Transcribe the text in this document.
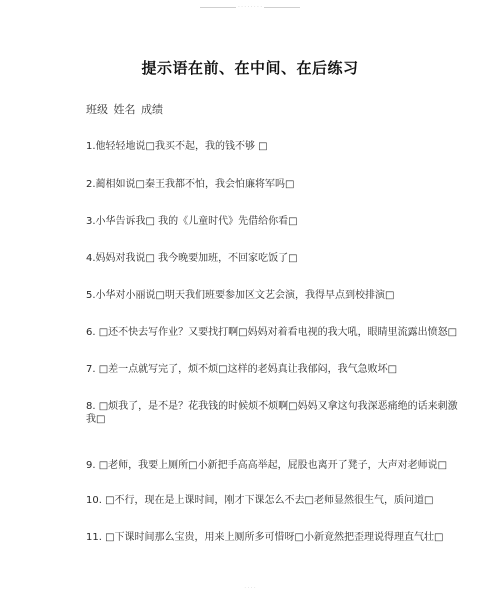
· · · · · · · ·
提示语在前、在中间、在后练习
班级 姓名 成绩
1.他轻轻地说□我买不起，我的钱不够 □
2.蔺相如说□秦王我都不怕，我会怕廉将军吗□
3.小华告诉我□ 我的《儿童时代》先借给你看□
4.妈妈对我说□ 我今晚要加班，不回家吃饭了□
5.小华对小丽说□明天我们班要参加区文艺会演，我得早点到校排演□
6. □还不快去写作业？又要找打啊□妈妈对着看电视的我大吼，眼睛里流露出愤怒□
7. □差一点就写完了，烦不烦□这样的老妈真让我郁闷，我气急败坏□
8. □烦我了，是不是？花我钱的时候烦不烦啊□妈妈又拿这句我深恶痛绝的话来刺激我□
9. □老师，我要上厕所□小新把手高高举起，屁股也离开了凳子，大声对老师说□
10. □不行，现在是上课时间，刚才下课怎么不去□老师显然很生气，质问道□
11. □下课时间那么宝贵，用来上厕所多可惜呀□小新竟然把歪理说得理直气壮□
· · · ·
